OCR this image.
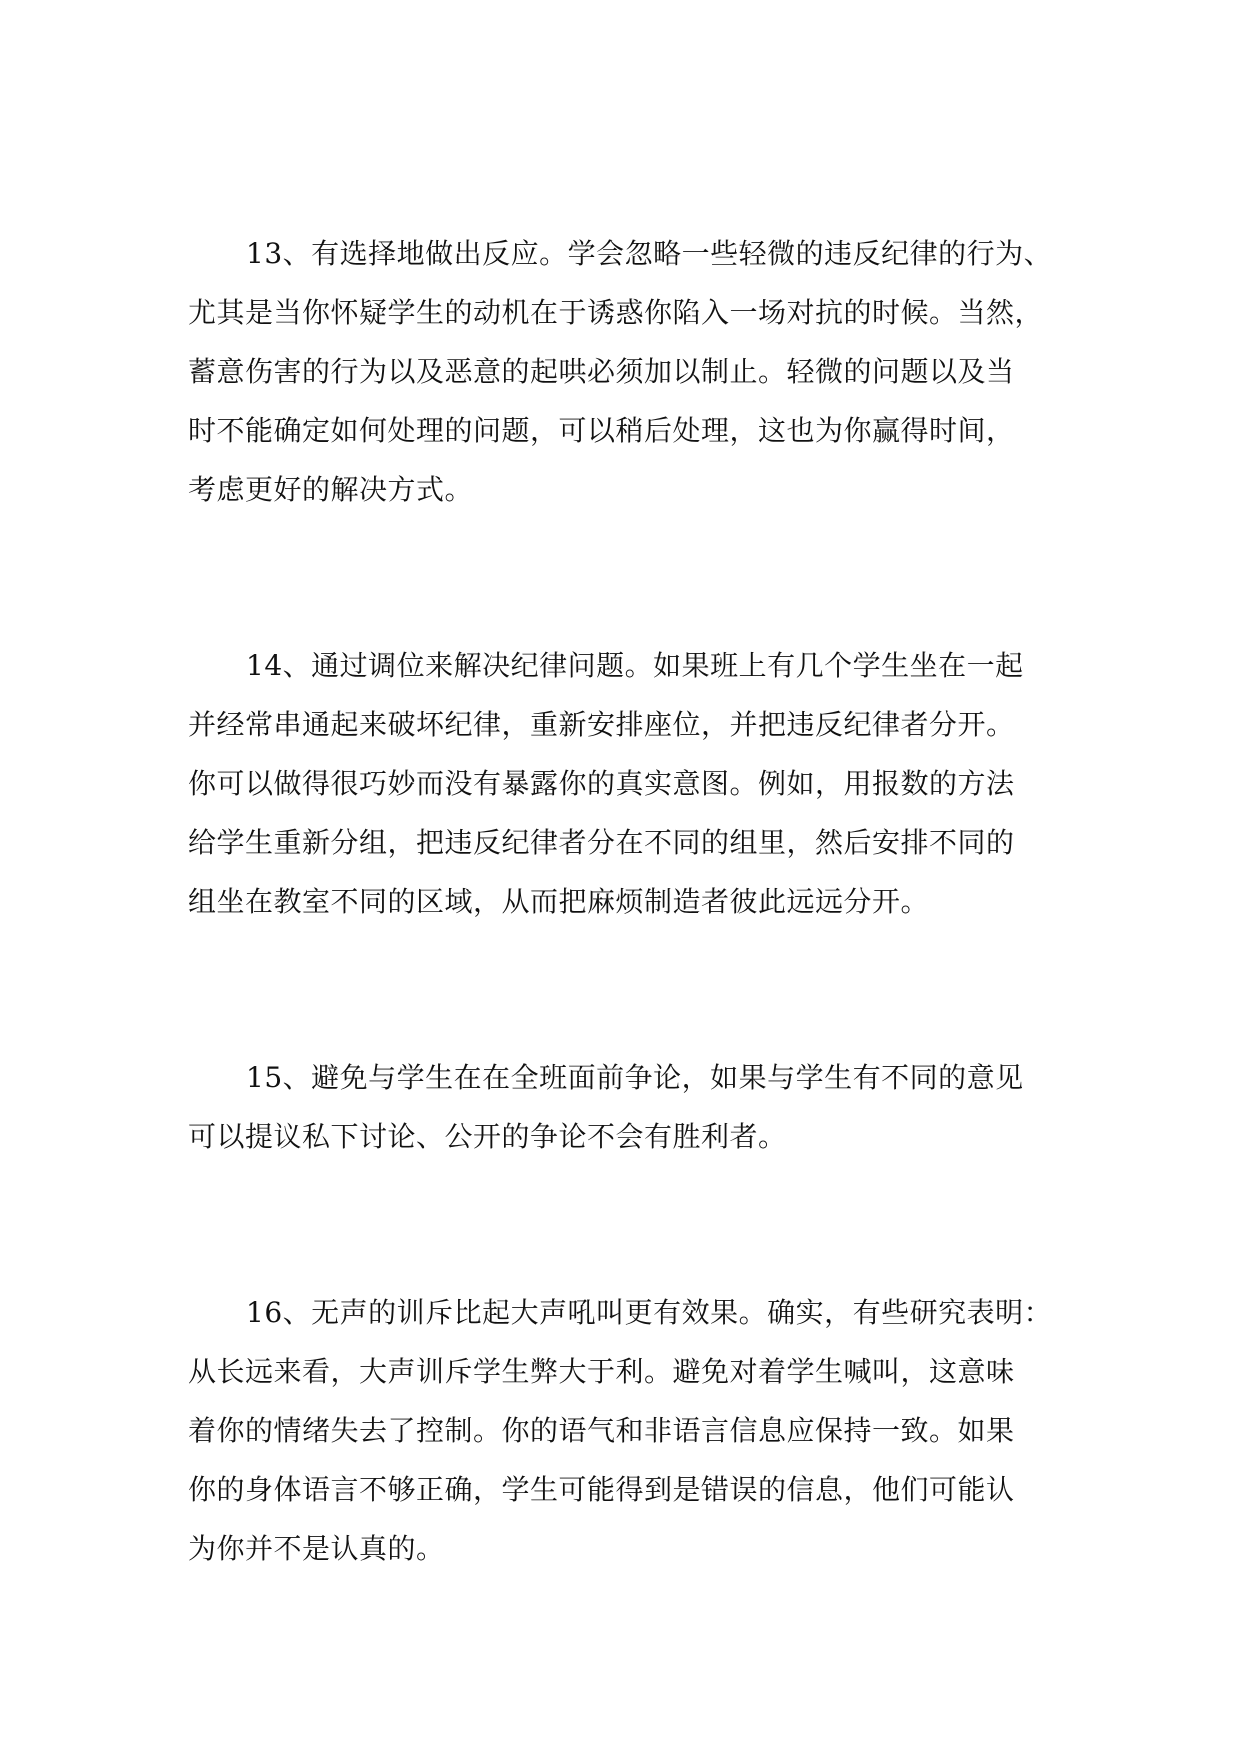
13、有选择地做出反应。学会忽略一些轻微的违反纪律的行为、
尤其是当你怀疑学生的动机在于诱惑你陷入一场对抗的时候。当然，
蓄意伤害的行为以及恶意的起哄必须加以制止。轻微的问题以及当
时不能确定如何处理的问题，可以稍后处理，这也为你赢得时间，
考虑更好的解决方式。
14、通过调位来解决纪律问题。如果班上有几个学生坐在一起
并经常串通起来破坏纪律，重新安排座位，并把违反纪律者分开。
你可以做得很巧妙而没有暴露你的真实意图。例如，用报数的方法
给学生重新分组，把违反纪律者分在不同的组里，然后安排不同的
组坐在教室不同的区域，从而把麻烦制造者彼此远远分开。
15、避免与学生在在全班面前争论，如果与学生有不同的意见
可以提议私下讨论、公开的争论不会有胜利者。
16、无声的训斥比起大声吼叫更有效果。确实，有些研究表明：
从长远来看，大声训斥学生弊大于利。避免对着学生喊叫，这意味
着你的情绪失去了控制。你的语气和非语言信息应保持一致。如果
你的身体语言不够正确，学生可能得到是错误的信息，他们可能认
为你并不是认真的。
